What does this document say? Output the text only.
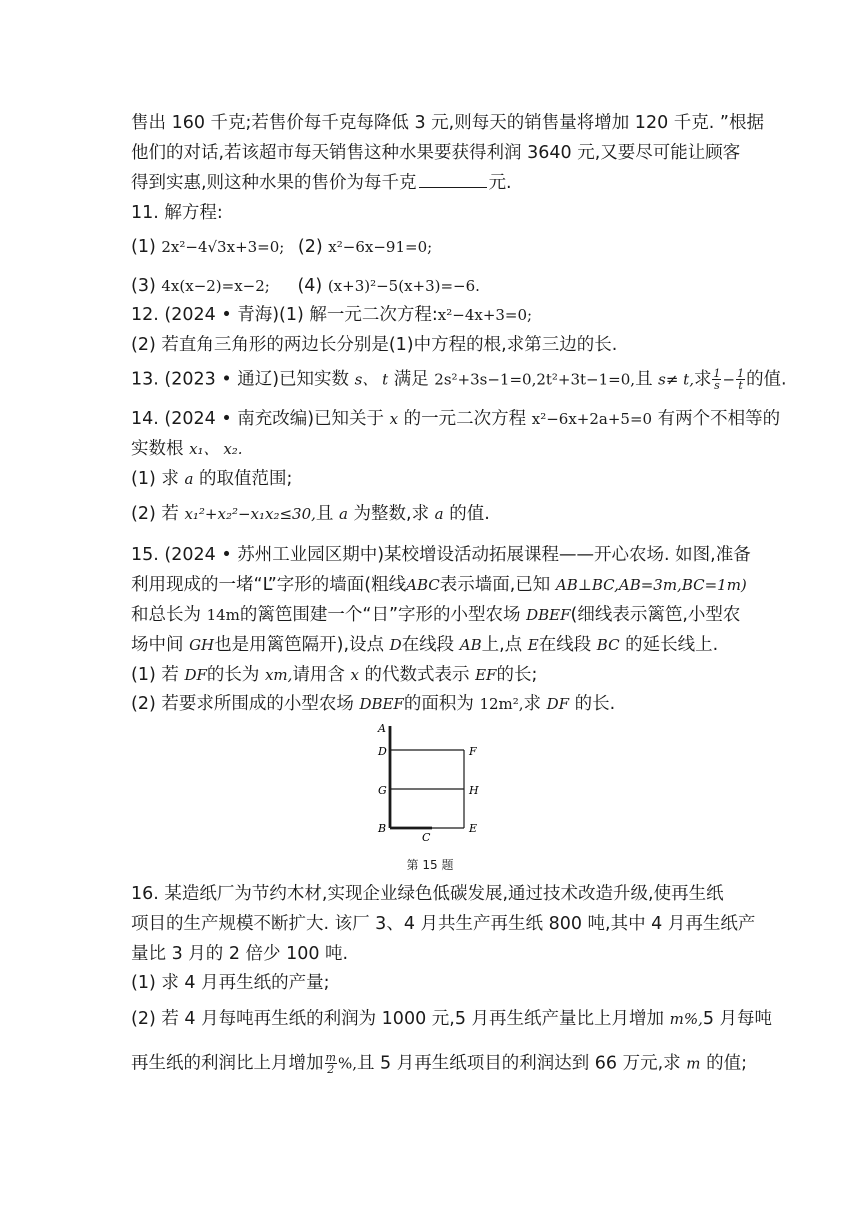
售出 160 千克;若售价每千克每降低 3 元,则每天的销售量将增加 120 千克. ”根据
他们的对话,若该超市每天销售这种水果要获得利润 3640 元,又要尽可能让顾客
得到实惠,则这种水果的售价为每千克	元.
11. 解方程:
(1) 2x²−4√3x+3=0; (2) x²−6x−91=0;
(3) 4x(x−2)=x−2; (4) (x+3)²−5(x+3)=−6.
12. (2024 • 青海)(1) 解一元二次方程:x²−4x+3=0;
(2) 若直角三角形的两边长分别是(1)中方程的根,求第三边的长.
13. (2023 • 通辽)已知实数 s、 t 满足 2s²+3s−1=0,2t²+3t−1=0,且 s≠ t,求 $\frac{1}{s} - \frac{1}{t}$ 的值.
14. (2024 • 南充改编)已知关于 x 的一元二次方程 x²−6x+2a+5=0 有两个不相等的
实数根 x₁、 x₂.
(1) 求 a 的取值范围;
(2) 若 x₁²+x₂²−x₁x₂≤30,且 a 为整数,求 a 的值.
15. (2024 • 苏州工业园区期中)某校增设活动拓展课程——开心农场. 如图,准备
利用现成的一堵“L”字形的墙面(粗线ABC表示墙面,已知 AB⊥BC,AB=3m,BC=1m)
和总长为 14m的篱笆围建一个“日”字形的小型农场 DBEF(细线表示篱笆,小型农
场中间 GH也是用篱笆隔开),设点 D在线段 AB上,点 E在线段 BC 的延长线上.
(1) 若 DF的长为 xm,请用含 x 的代数式表示 EF的长;
(2) 若要求所围成的小型农场 DBEF的面积为 12m²,求 DF 的长.
A
D
G
B
C
E
F
H
第 15 题
16. 某造纸厂为节约木材,实现企业绿色低碳发展,通过技术改造升级,使再生纸
项目的生产规模不断扩大. 该厂 3、4 月共生产再生纸 800 吨,其中 4 月再生纸产
量比 3 月的 2 倍少 100 吨.
(1) 求 4 月再生纸的产量;
(2) 若 4 月每吨再生纸的利润为 1000 元,5 月再生纸产量比上月增加 m%,5 月每吨
再生纸的利润比上月增加 $\frac{m}{2}$ %,且 5 月再生纸项目的利润达到 66 万元,求 m 的值;
